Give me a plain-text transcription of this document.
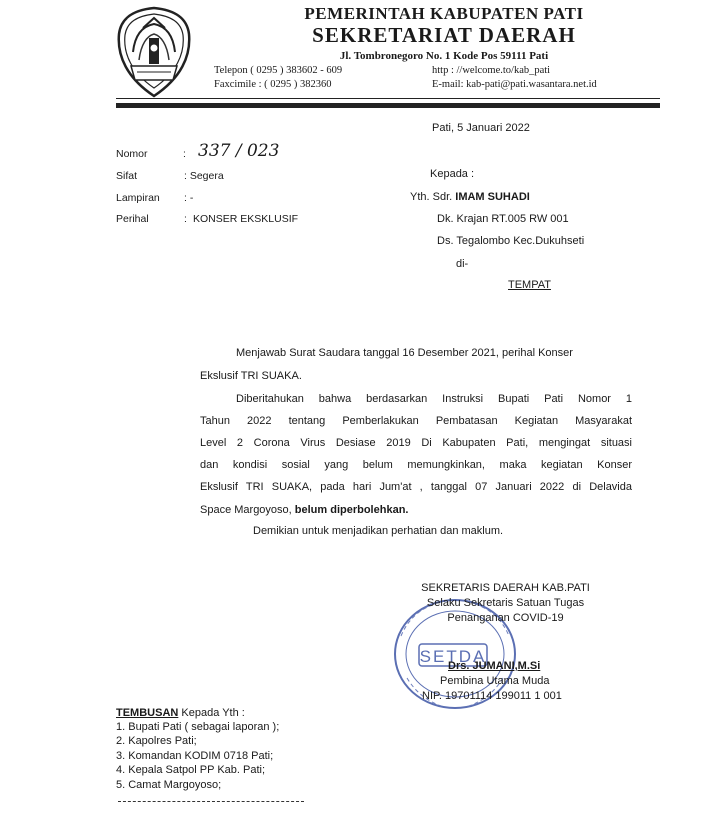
PEMERINTAH KABUPATEN PATI
SEKRETARIAT DAERAH
Jl. Tombronegoro No. 1 Kode Pos 59111 Pati
Telepon ( 0295 ) 383602 - 609	http : //welcome.to/kab_pati
Faxcimile : ( 0295 ) 382360	E-mail: kab-pati@pati.wasantara.net.id
Pati, 5 Januari 2022
Nomor	: 337 / 023
Sifat	: Segera
Lampiran : -
Perihal	: KONSER EKSKLUSIF
Kepada :
Yth. Sdr. IMAM SUHADI
Dk. Krajan RT.005 RW 001
Ds. Tegalombo Kec.Dukuhseti
di-
TEMPAT
Menjawab Surat Saudara tanggal 16 Desember 2021, perihal Konser
Ekslusif TRI SUAKA.
Diberitahukan bahwa berdasarkan Instruksi Bupati Pati Nomor 1
Tahun 2022 tentang Pemberlakukan Pembatasan Kegiatan Masyarakat
Level 2 Corona Virus Desiase 2019 Di Kabupaten Pati, mengingat situasi
dan kondisi sosial yang belum memungkinkan, maka kegiatan Konser
Ekslusif TRI SUAKA, pada hari Jum'at , tanggal 07 Januari 2022 di Delavida
Space Margoyoso, belum diperbolehkan.
Demikian untuk menjadikan perhatian dan maklum.
SETDA
SEKRETARIS DAERAH KAB.PATI
Selaku Sekretaris Satuan Tugas
Penanganan COVID-19
Drs. JUMANI,M.Si
Pembina Utama Muda
NIP. 19701114 199011 1 001
TEMBUSAN Kepada Yth :
1. Bupati Pati ( sebagai laporan );
2. Kapolres Pati;
3. Komandan KODIM 0718 Pati;
4. Kepala Satpol PP Kab. Pati;
5. Camat Margoyoso;
